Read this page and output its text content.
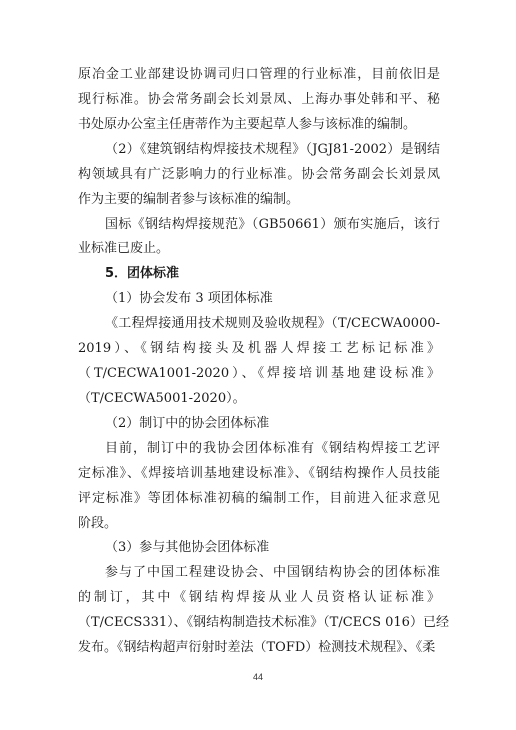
原冶金工业部建设协调司归口管理的行业标准，目前依旧是
现行标准。协会常务副会长刘景凤、上海办事处韩和平、秘
书处原办公室主任唐蒂作为主要起草人参与该标准的编制。
（2）《建筑钢结构焊接技术规程》（JGJ81-2002）是钢结
构领域具有广泛影响力的行业标准。协会常务副会长刘景凤
作为主要的编制者参与该标准的编制。
国标《钢结构焊接规范》（GB50661）颁布实施后，该行
业标准已废止。
5．团体标准
（1）协会发布 3 项团体标准
《工程焊接通用技术规则及验收规程》（T/CECWA0000-
2019）、《钢结构接头及机器人焊接工艺标记标准》
（T/CECWA1001-2020）、《焊接培训基地建设标准》
（T/CECWA5001-2020）。
（2）制订中的协会团体标准
目前，制订中的我协会团体标准有《钢结构焊接工艺评
定标准》、《焊接培训基地建设标准》、《钢结构操作人员技能
评定标准》等团体标准初稿的编制工作，目前进入征求意见
阶段。
（3）参与其他协会团体标准
参与了中国工程建设协会、中国钢结构协会的团体标准
的制订，其中《钢结构焊接从业人员资格认证标准》
（T/CECS331）、《钢结构制造技术标准》（T/CECS 016）已经
发布。《钢结构超声衍射时差法（TOFD）检测技术规程》、《柔
44
